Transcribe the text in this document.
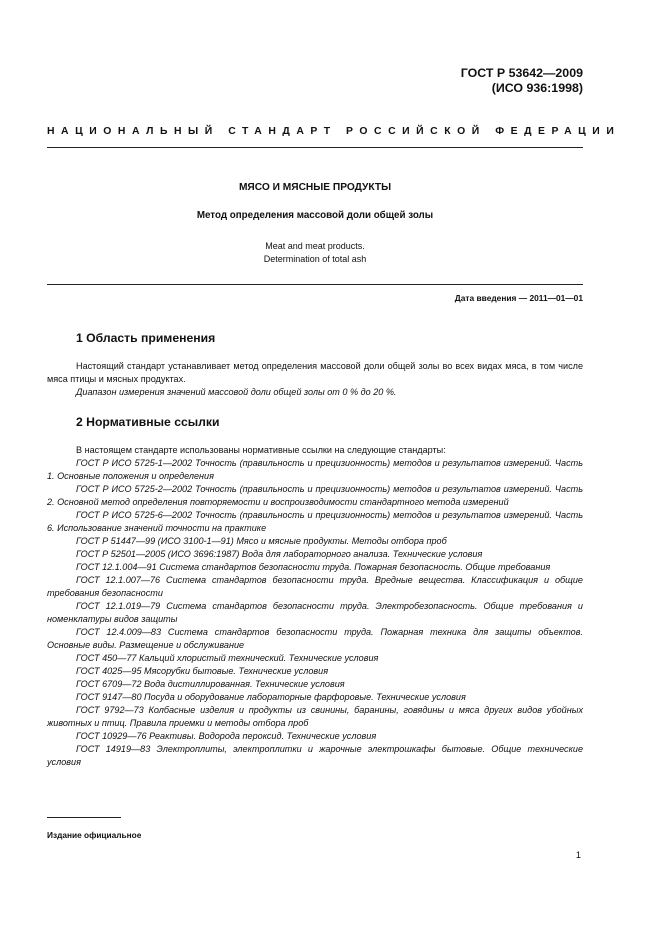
ГОСТ Р 53642—2009
(ИСО 936:1998)
НАЦИОНАЛЬНЫЙ СТАНДАРТ РОССИЙСКОЙ ФЕДЕРАЦИИ
МЯСО И МЯСНЫЕ ПРОДУКТЫ
Метод определения массовой доли общей золы
Meat and meat products.
Determination of total ash
Дата введения — 2011—01—01
1 Область применения

Настоящий стандарт устанавливает метод определения массовой доли общей золы во всех видах мяса, в том числе мяса птицы и мясных продуктах.

Диапазон измерения значений массовой доли общей золы от 0 % до 20 %.

2 Нормативные ссылки

В настоящем стандарте использованы нормативные ссылки на следующие стандарты:

ГОСТ Р ИСО 5725-1—2002 Точность (правильность и прецизионность) методов и результатов измерений. Часть 1. Основные положения и определения

ГОСТ Р ИСО 5725-2—2002 Точность (правильность и прецизионность) методов и результатов измерений. Часть 2. Основной метод определения повторяемости и воспроизводимости стандартного метода измерений

ГОСТ Р ИСО 5725-6—2002 Точность (правильность и прецизионность) методов и результатов измерений. Часть 6. Использование значений точности на практике

ГОСТ Р 51447—99 (ИСО 3100-1—91) Мясо и мясные продукты. Методы отбора проб

ГОСТ Р 52501—2005 (ИСО 3696:1987) Вода для лабораторного анализа. Технические условия

ГОСТ 12.1.004—91 Система стандартов безопасности труда. Пожарная безопасность. Общие требования

ГОСТ 12.1.007—76 Система стандартов безопасности труда. Вредные вещества. Классификация и общие требования безопасности

ГОСТ 12.1.019—79 Система стандартов безопасности труда. Электробезопасность. Общие требования и номенклатуры видов защиты

ГОСТ 12.4.009—83 Система стандартов безопасности труда. Пожарная техника для защиты объектов. Основные виды. Размещение и обслуживание

ГОСТ 450—77 Кальций хлористый технический. Технические условия

ГОСТ 4025—95 Мясорубки бытовые. Технические условия

ГОСТ 6709—72 Вода дистиллированная. Технические условия

ГОСТ 9147—80 Посуда и оборудование лабораторные фарфоровые. Технические условия

ГОСТ 9792—73 Колбасные изделия и продукты из свинины, баранины, говядины и мяса других видов убойных животных и птиц. Правила приемки и методы отбора проб

ГОСТ 10929—76 Реактивы. Водорода пероксид. Технические условия

ГОСТ 14919—83 Электроплиты, электроплитки и жарочные электрошкафы бытовые. Общие технические условия

Издание официальное
1
